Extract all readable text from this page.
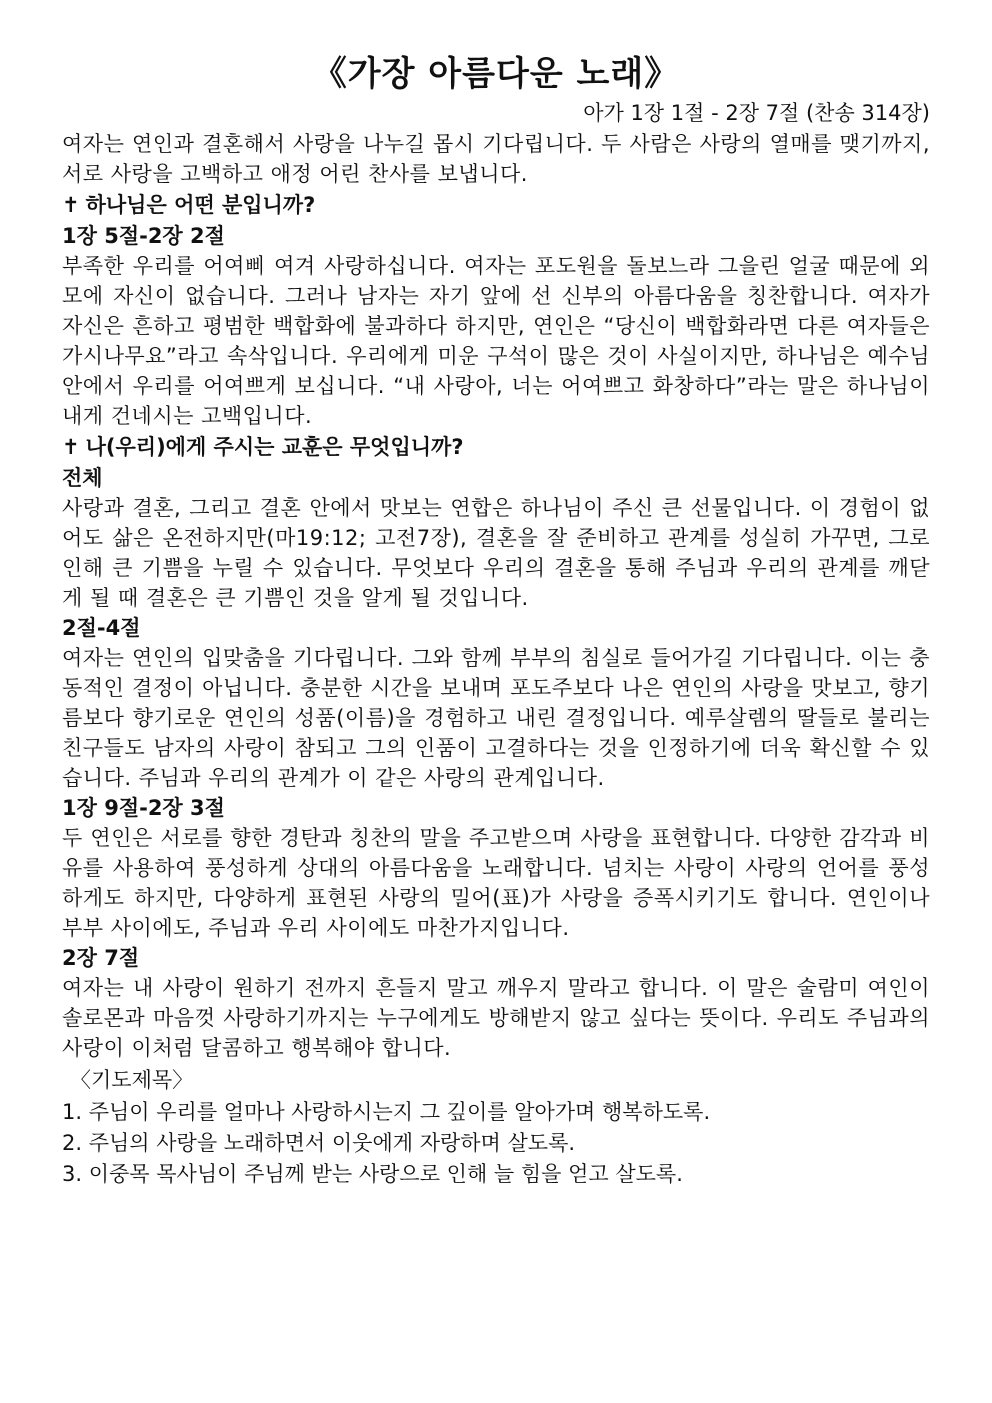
《가장 아름다운 노래》

아가 1장 1절 - 2장 7절 (찬송 314장)

여자는 연인과 결혼해서 사랑을 나누길 몹시 기다립니다. 두 사람은 사랑의 열매를 맺기까지, 서로 사랑을 고백하고 애정 어린 찬사를 보냅니다.

✝ 하나님은 어떤 분입니까?

1장 5절-2장 2절

부족한 우리를 어여삐 여겨 사랑하십니다. 여자는 포도원을 돌보느라 그을린 얼굴 때문에 외모에 자신이 없습니다. 그러나 남자는 자기 앞에 선 신부의 아름다움을 칭찬합니다. 여자가 자신은 흔하고 평범한 백합화에 불과하다 하지만, 연인은 “당신이 백합화라면 다른 여자들은 가시나무요”라고 속삭입니다. 우리에게 미운 구석이 많은 것이 사실이지만, 하나님은 예수님 안에서 우리를 어여쁘게 보십니다. “내 사랑아, 너는 어여쁘고 화창하다”라는 말은 하나님이 내게 건네시는 고백입니다.

✝ 나(우리)에게 주시는 교훈은 무엇입니까?

전체

사랑과 결혼, 그리고 결혼 안에서 맛보는 연합은 하나님이 주신 큰 선물입니다. 이 경험이 없어도 삶은 온전하지만(마19:12; 고전7장), 결혼을 잘 준비하고 관계를 성실히 가꾸면, 그로 인해 큰 기쁨을 누릴 수 있습니다. 무엇보다 우리의 결혼을 통해 주님과 우리의 관계를 깨닫게 될 때 결혼은 큰 기쁨인 것을 알게 될 것입니다.

2절-4절

여자는 연인의 입맞춤을 기다립니다. 그와 함께 부부의 침실로 들어가길 기다립니다. 이는 충동적인 결정이 아닙니다. 충분한 시간을 보내며 포도주보다 나은 연인의 사랑을 맛보고, 향기름보다 향기로운 연인의 성품(이름)을 경험하고 내린 결정입니다. 예루살렘의 딸들로 불리는 친구들도 남자의 사랑이 참되고 그의 인품이 고결하다는 것을 인정하기에 더욱 확신할 수 있습니다. 주님과 우리의 관계가 이 같은 사랑의 관계입니다.

1장 9절-2장 3절

두 연인은 서로를 향한 경탄과 칭찬의 말을 주고받으며 사랑을 표현합니다. 다양한 감각과 비유를 사용하여 풍성하게 상대의 아름다움을 노래합니다. 넘치는 사랑이 사랑의 언어를 풍성하게도 하지만, 다양하게 표현된 사랑의 밀어(표)가 사랑을 증폭시키기도 합니다. 연인이나 부부 사이에도, 주님과 우리 사이에도 마찬가지입니다.

2장 7절

여자는 내 사랑이 원하기 전까지 흔들지 말고 깨우지 말라고 합니다. 이 말은 술람미 여인이 솔로몬과 마음껏 사랑하기까지는 누구에게도 방해받지 않고 싶다는 뜻이다. 우리도 주님과의 사랑이 이처럼 달콤하고 행복해야 합니다.

〈기도제목〉

1. 주님이 우리를 얼마나 사랑하시는지 그 깊이를 알아가며 행복하도록.
2. 주님의 사랑을 노래하면서 이웃에게 자랑하며 살도록.
3. 이중목 목사님이 주님께 받는 사랑으로 인해 늘 힘을 얻고 살도록.
